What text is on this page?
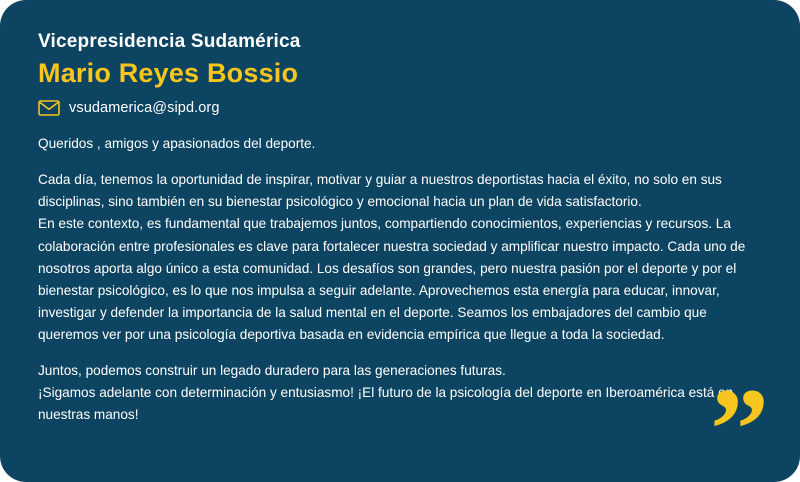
Vicepresidencia Sudamérica
Mario Reyes Bossio
vsudamerica@sipd.org

Queridos , amigos y apasionados del deporte.

Cada día, tenemos la oportunidad de inspirar, motivar y guiar a nuestros deportistas hacia el éxito, no solo en sus disciplinas, sino también en su bienestar psicológico y emocional hacia un plan de vida satisfactorio.

En este contexto, es fundamental que trabajemos juntos, compartiendo conocimientos, experiencias y recursos. La colaboración entre profesionales es clave para fortalecer nuestra sociedad y amplificar nuestro impacto. Cada uno de nosotros aporta algo único a esta comunidad. Los desafíos son grandes, pero nuestra pasión por el deporte y por el bienestar psicológico, es lo que nos impulsa a seguir adelante. Aprovechemos esta energía para educar, innovar, investigar y defender la importancia de la salud mental en el deporte. Seamos los embajadores del cambio que queremos ver por una psicología deportiva basada en evidencia empírica que llegue a toda la sociedad.

Juntos, podemos construir un legado duradero para las generaciones futuras.

¡Sigamos adelante con determinación y entusiasmo! ¡El futuro de la psicología del deporte en Iberoamérica está en nuestras manos!	”
